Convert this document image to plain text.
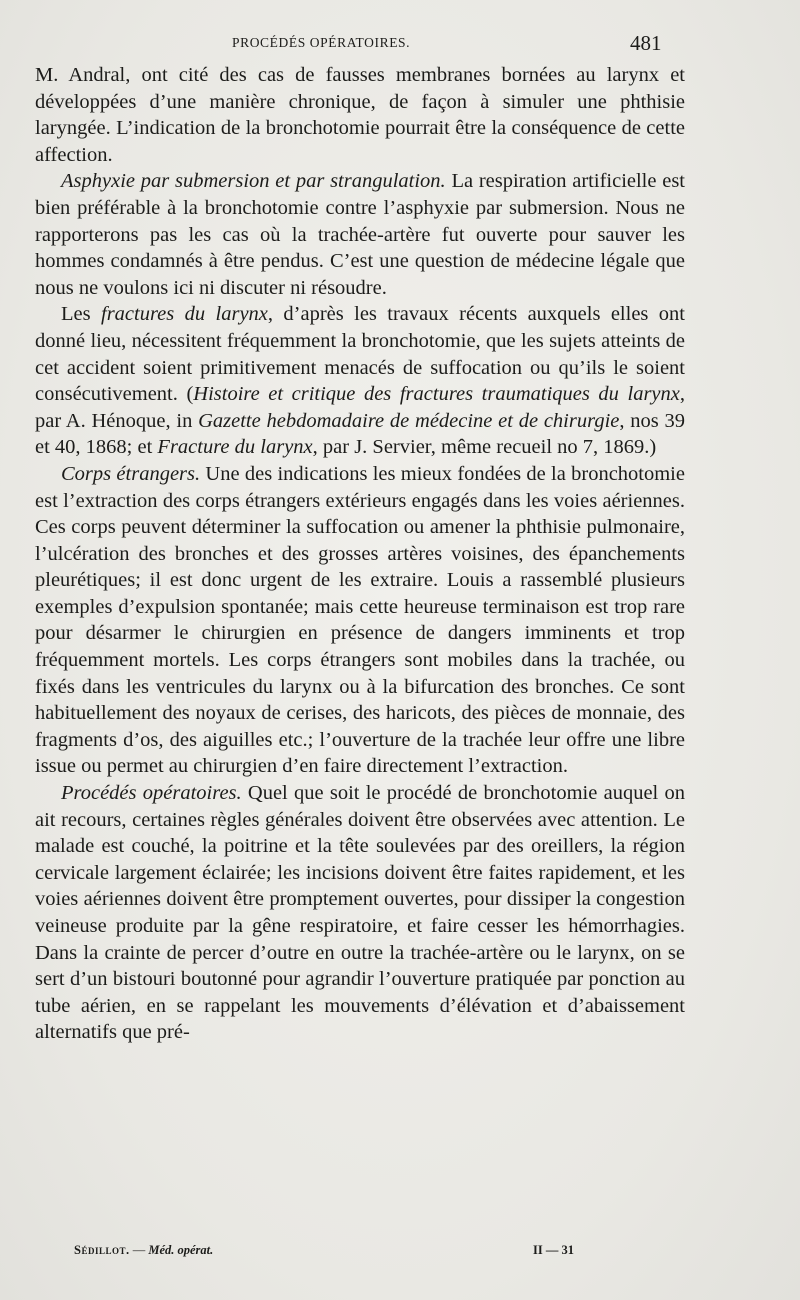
PROCÉDÉS OPÉRATOIRES.	481

M. Andral, ont cité des cas de fausses membranes bornées au larynx et développées d’une manière chronique, de façon à simuler une phthisie laryngée. L’indication de la bronchotomie pourrait être la conséquence de cette affection.

Asphyxie par submersion et par strangulation. La respiration artificielle est bien préférable à la bronchotomie contre l’asphyxie par submersion. Nous ne rapporterons pas les cas où la trachée-artère fut ouverte pour sauver les hommes condamnés à être pendus. C’est une question de médecine légale que nous ne voulons ici ni discuter ni résoudre.

Les fractures du larynx, d’après les travaux récents auxquels elles ont donné lieu, nécessitent fréquemment la bronchotomie, que les sujets atteints de cet accident soient primitivement menacés de suffocation ou qu’ils le soient consécutivement. (Histoire et critique des fractures traumatiques du larynx, par A. Hénoque, in Gazette hebdomadaire de médecine et de chirurgie, nos 39 et 40, 1868; et Fracture du larynx, par J. Servier, même recueil no 7, 1869.)

Corps étrangers. Une des indications les mieux fondées de la bronchotomie est l’extraction des corps étrangers extérieurs engagés dans les voies aériennes. Ces corps peuvent déterminer la suffocation ou amener la phthisie pulmonaire, l’ulcération des bronches et des grosses artères voisines, des épanchements pleurétiques; il est donc urgent de les extraire. Louis a rassemblé plusieurs exemples d’expulsion spontanée; mais cette heureuse terminaison est trop rare pour désarmer le chirurgien en présence de dangers imminents et trop fréquemment mortels. Les corps étrangers sont mobiles dans la trachée, ou fixés dans les ventricules du larynx ou à la bifurcation des bronches. Ce sont habituellement des noyaux de cerises, des haricots, des pièces de monnaie, des fragments d’os, des aiguilles etc.; l’ouverture de la trachée leur offre une libre issue ou permet au chirurgien d’en faire directement l’extraction.

Procédés opératoires. Quel que soit le procédé de bronchotomie auquel on ait recours, certaines règles générales doivent être observées avec attention. Le malade est couché, la poitrine et la tête soulevées par des oreillers, la région cervicale largement éclairée; les incisions doivent être faites rapidement, et les voies aériennes doivent être promptement ouvertes, pour dissiper la congestion veineuse produite par la gêne respiratoire, et faire cesser les hémorrhagies. Dans la crainte de percer d’outre en outre la trachée-artère ou le larynx, on se sert d’un bistouri boutonné pour agrandir l’ouverture pratiquée par ponction au tube aérien, en se rappelant les mouvements d’élévation et d’abaissement alternatifs que pré-

Sédillot. — Méd. opérat.	II — 31
